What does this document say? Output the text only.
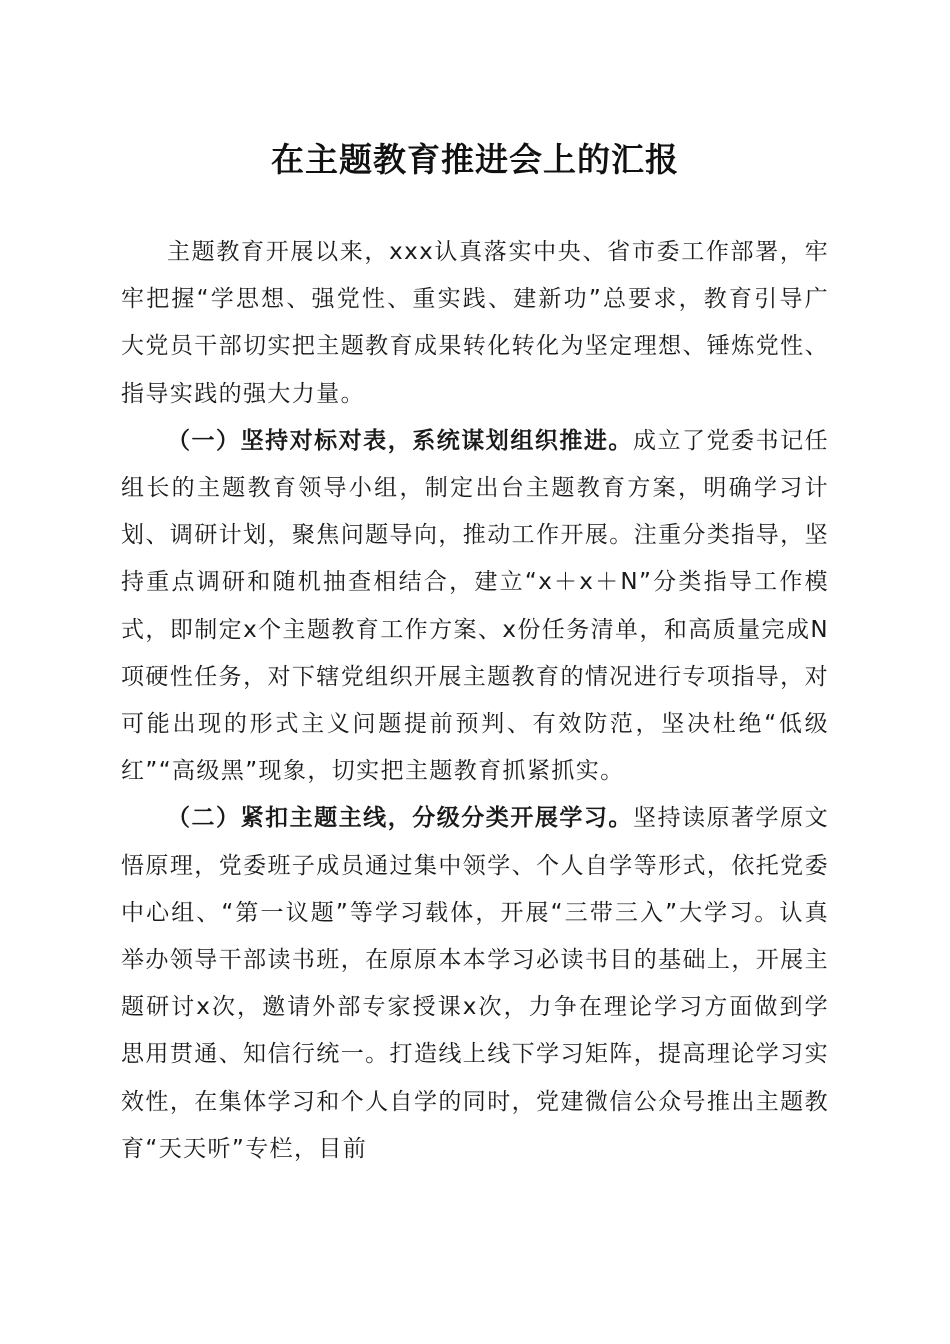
在主题教育推进会上的汇报

主题教育开展以来，xxx认真落实中央、省市委工作部署，牢牢把握“学思想、强党性、重实践、建新功”总要求，教育引导广大党员干部切实把主题教育成果转化转化为坚定理想、锤炼党性、指导实践的强大力量。

（一）坚持对标对表，系统谋划组织推进。成立了党委书记任组长的主题教育领导小组，制定出台主题教育方案，明确学习计划、调研计划，聚焦问题导向，推动工作开展。注重分类指导，坚持重点调研和随机抽查相结合，建立“x＋x＋N”分类指导工作模式，即制定x个主题教育工作方案、x份任务清单，和高质量完成N项硬性任务，对下辖党组织开展主题教育的情况进行专项指导，对可能出现的形式主义问题提前预判、有效防范，坚决杜绝“低级红”“高级黑”现象，切实把主题教育抓紧抓实。

（二）紧扣主题主线，分级分类开展学习。坚持读原著学原文悟原理，党委班子成员通过集中领学、个人自学等形式，依托党委中心组、“第一议题”等学习载体，开展“三带三入”大学习。认真举办领导干部读书班，在原原本本学习必读书目的基础上，开展主题研讨x次，邀请外部专家授课x次，力争在理论学习方面做到学思用贯通、知信行统一。打造线上线下学习矩阵，提高理论学习实效性，在集体学习和个人自学的同时，党建微信公众号推出主题教育“天天听”专栏，目前
